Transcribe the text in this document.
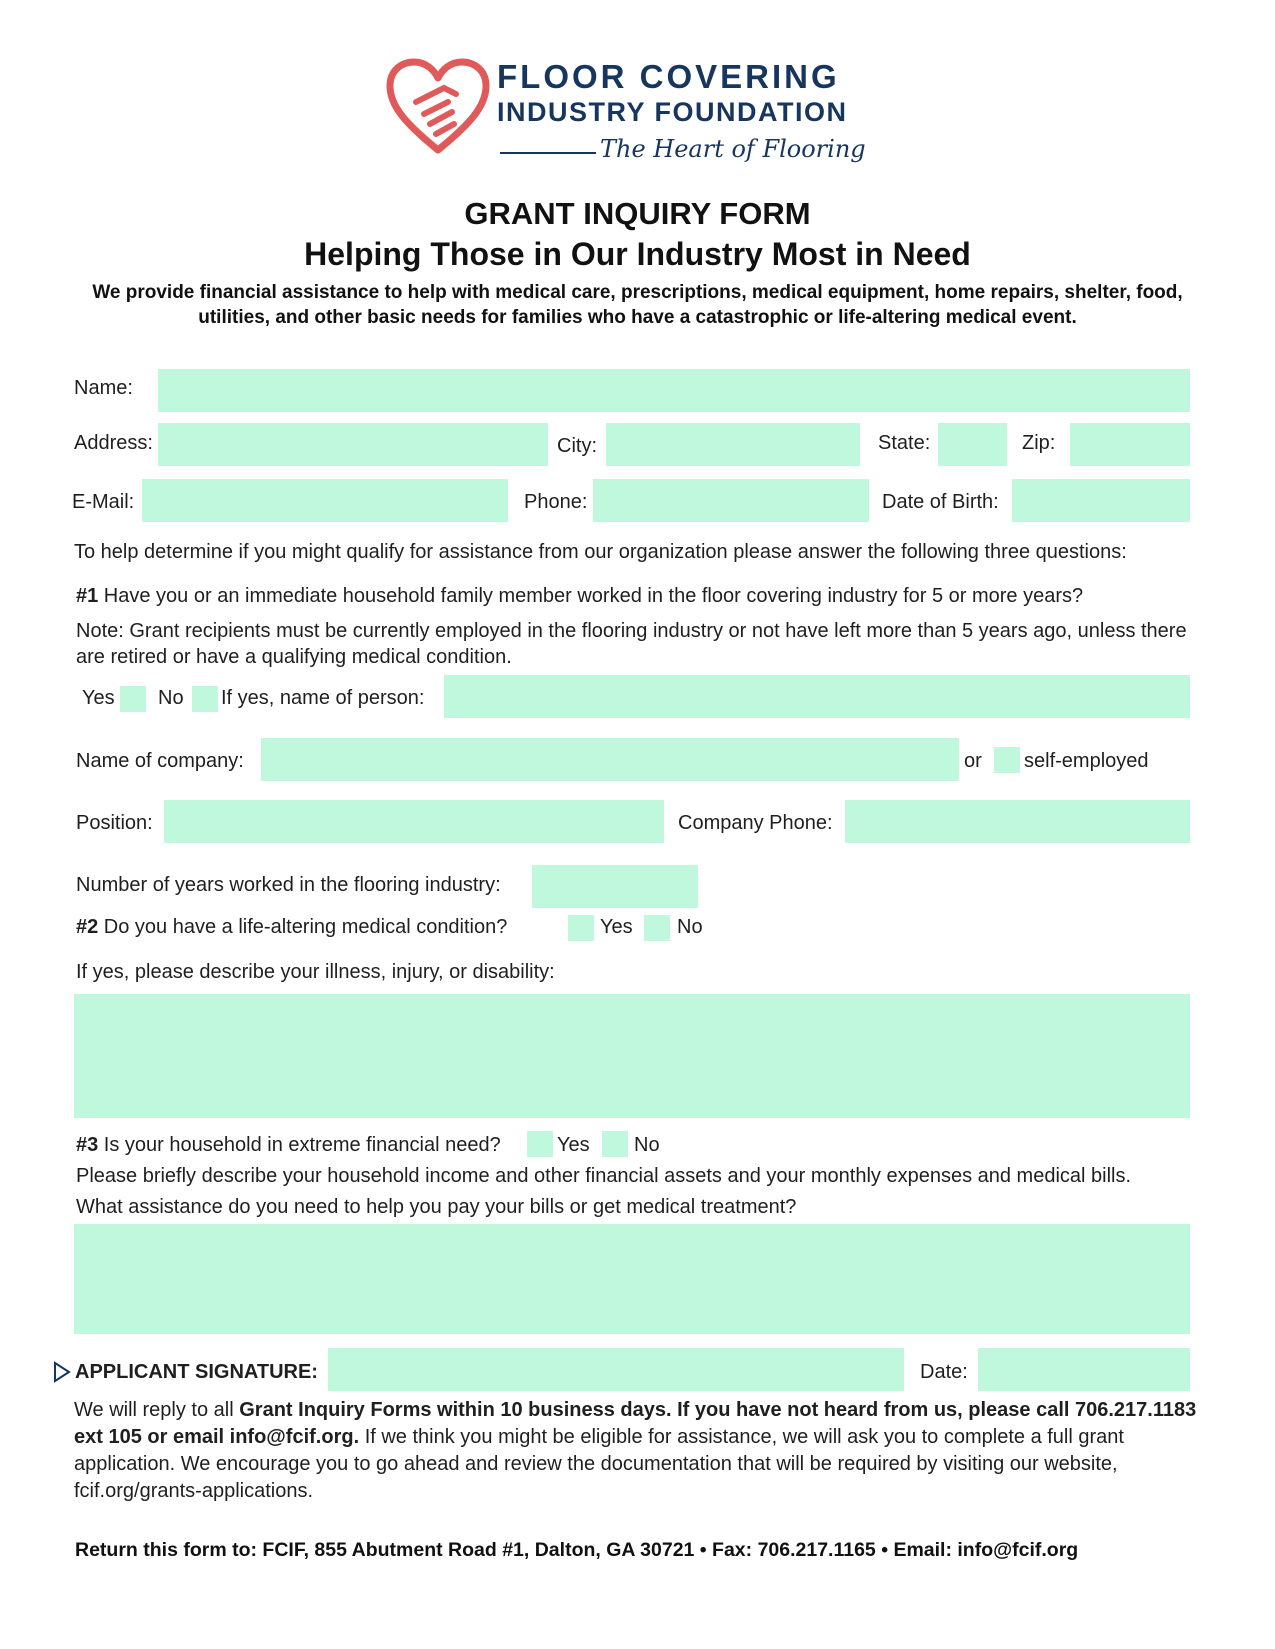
FLOOR COVERING
INDUSTRY FOUNDATION
The Heart of Flooring
GRANT INQUIRY FORM
Helping Those in Our Industry Most in Need
We provide financial assistance to help with medical care, prescriptions, medical equipment, home repairs, shelter, food, utilities, and other basic needs for families who have a catastrophic or life-altering medical event.
Name:
Address:	City:	State:	Zip:
E-Mail:	Phone:	Date of Birth:
To help determine if you might qualify for assistance from our organization please answer the following three questions:
#1 Have you or an immediate household family member worked in the floor covering industry for 5 or more years?
Note: Grant recipients must be currently employed in the flooring industry or not have left more than 5 years ago, unless there are retired or have a qualifying medical condition.
Yes No If yes, name of person:
Name of company:	or self-employed
Position:	Company Phone:
Number of years worked in the flooring industry:
#2 Do you have a life-altering medical condition?	Yes No
If yes, please describe your illness, injury, or disability:
#3 Is your household in extreme financial need?	Yes No
Please briefly describe your household income and other financial assets and your monthly expenses and medical bills.
What assistance do you need to help you pay your bills or get medical treatment?
APPLICANT SIGNATURE:	Date:
We will reply to all Grant Inquiry Forms within 10 business days. If you have not heard from us, please call 706.217.1183 ext 105 or email info@fcif.org. If we think you might be eligible for assistance, we will ask you to complete a full grant application. We encourage you to go ahead and review the documentation that will be required by visiting our website, fcif.org/grants-applications.
Return this form to: FCIF, 855 Abutment Road #1, Dalton, GA 30721 • Fax: 706.217.1165 • Email: info@fcif.org
